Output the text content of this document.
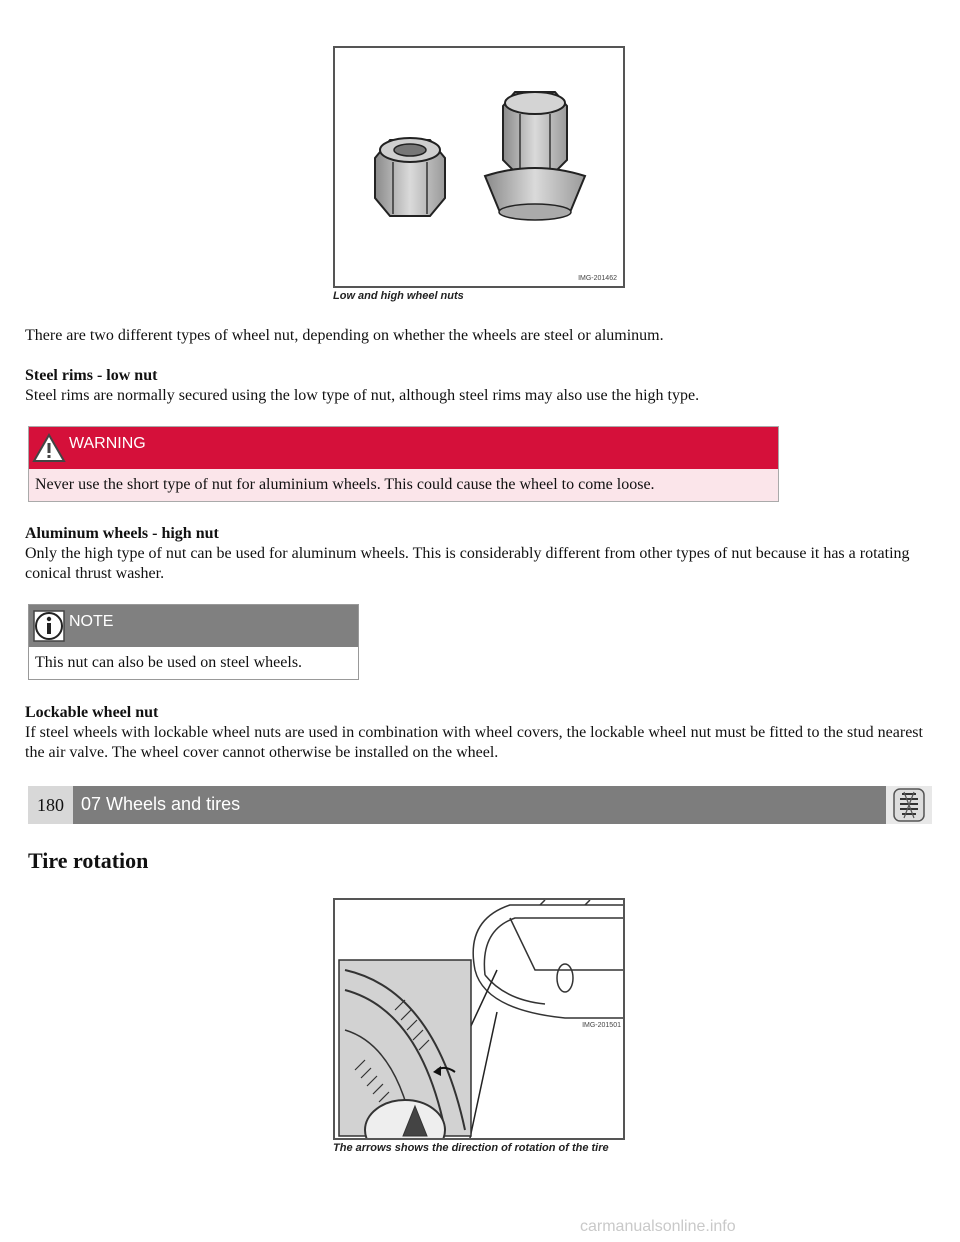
IMG-201462
Low and high wheel nuts

There are two different types of wheel nut, depending on whether the wheels are steel or aluminum.

Steel rims - low nut
Steel rims are normally secured using the low type of nut, although steel rims may also use the high type.
WARNING
Never use the short type of nut for aluminium wheels. This could cause the wheel to come loose.
Aluminum wheels - high nut
Only the high type of nut can be used for aluminum wheels. This is considerably different from other types of nut because it has a rotating conical thrust washer.
NOTE
This nut can also be used on steel wheels.
Lockable wheel nut
If steel wheels with lockable wheel nuts are used in combination with wheel covers, the lockable wheel nut must be fitted to the stud nearest the air valve. The wheel cover cannot otherwise be installed on the wheel.
180 07 Wheels and tires
Tire rotation
IMG-201501
The arrows shows the direction of rotation of the tire
carmanualsonline.info
